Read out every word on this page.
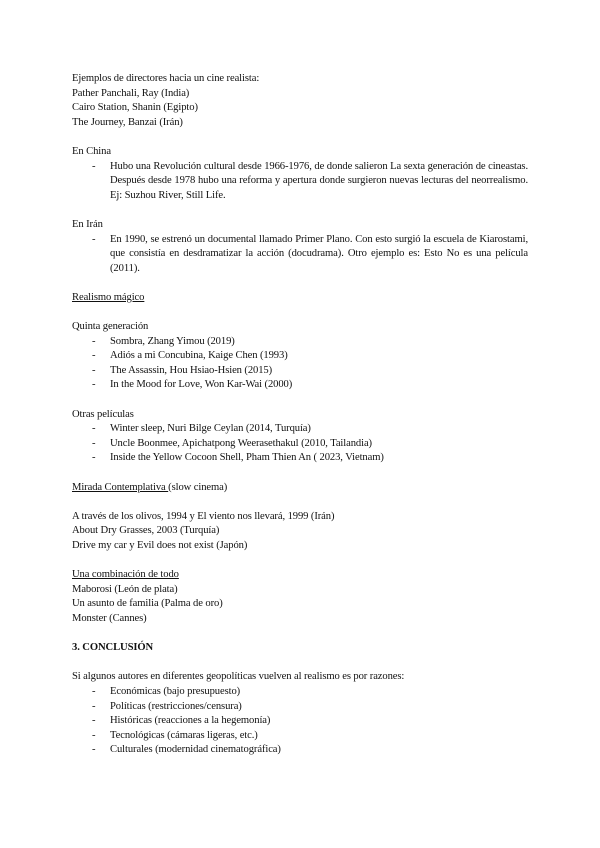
Ejemplos de directores hacia un cine realista:
Pather Panchali, Ray (India)
Cairo Station, Shanin (Egipto)
The Journey, Banzai (Irán)
En China
- Hubo una Revolución cultural desde 1966-1976, de donde salieron La sexta generación de cineastas. Después desde 1978 hubo una reforma y apertura donde surgieron nuevas lecturas del neorrealismo. Ej: Suzhou River, Still Life.
En Irán
- En 1990, se estrenó un documental llamado Primer Plano. Con esto surgió la escuela de Kiarostami, que consistía en desdramatizar la acción (docudrama). Otro ejemplo es: Esto No es una película (2011).
Realismo mágico
Quinta generación
- Sombra, Zhang Yimou (2019)
- Adiós a mi Concubina, Kaige Chen (1993)
- The Assassin, Hou Hsiao-Hsien (2015)
- In the Mood for Love, Won Kar-Wai (2000)
Otras películas
- Winter sleep, Nuri Bilge Ceylan (2014, Turquía)
- Uncle Boonmee, Apichatpong Weerasethakul (2010, Tailandia)
- Inside the Yellow Cocoon Shell, Pham Thien An ( 2023, Vietnam)
Mirada Contemplativa (slow cinema)
A través de los olivos, 1994 y El viento nos llevará, 1999 (Irán)
About Dry Grasses, 2003 (Turquía)
Drive my car y Evil does not exist (Japón)
Una combinación de todo
Maborosi (León de plata)
Un asunto de familia (Palma de oro)
Monster (Cannes)
3. CONCLUSIÓN
Si algunos autores en diferentes geopolíticas vuelven al realismo es por razones:
- Económicas (bajo presupuesto)
- Políticas (restricciones/censura)
- Históricas (reacciones a la hegemonía)
- Tecnológicas (cámaras ligeras, etc.)
- Culturales (modernidad cinematográfica)
